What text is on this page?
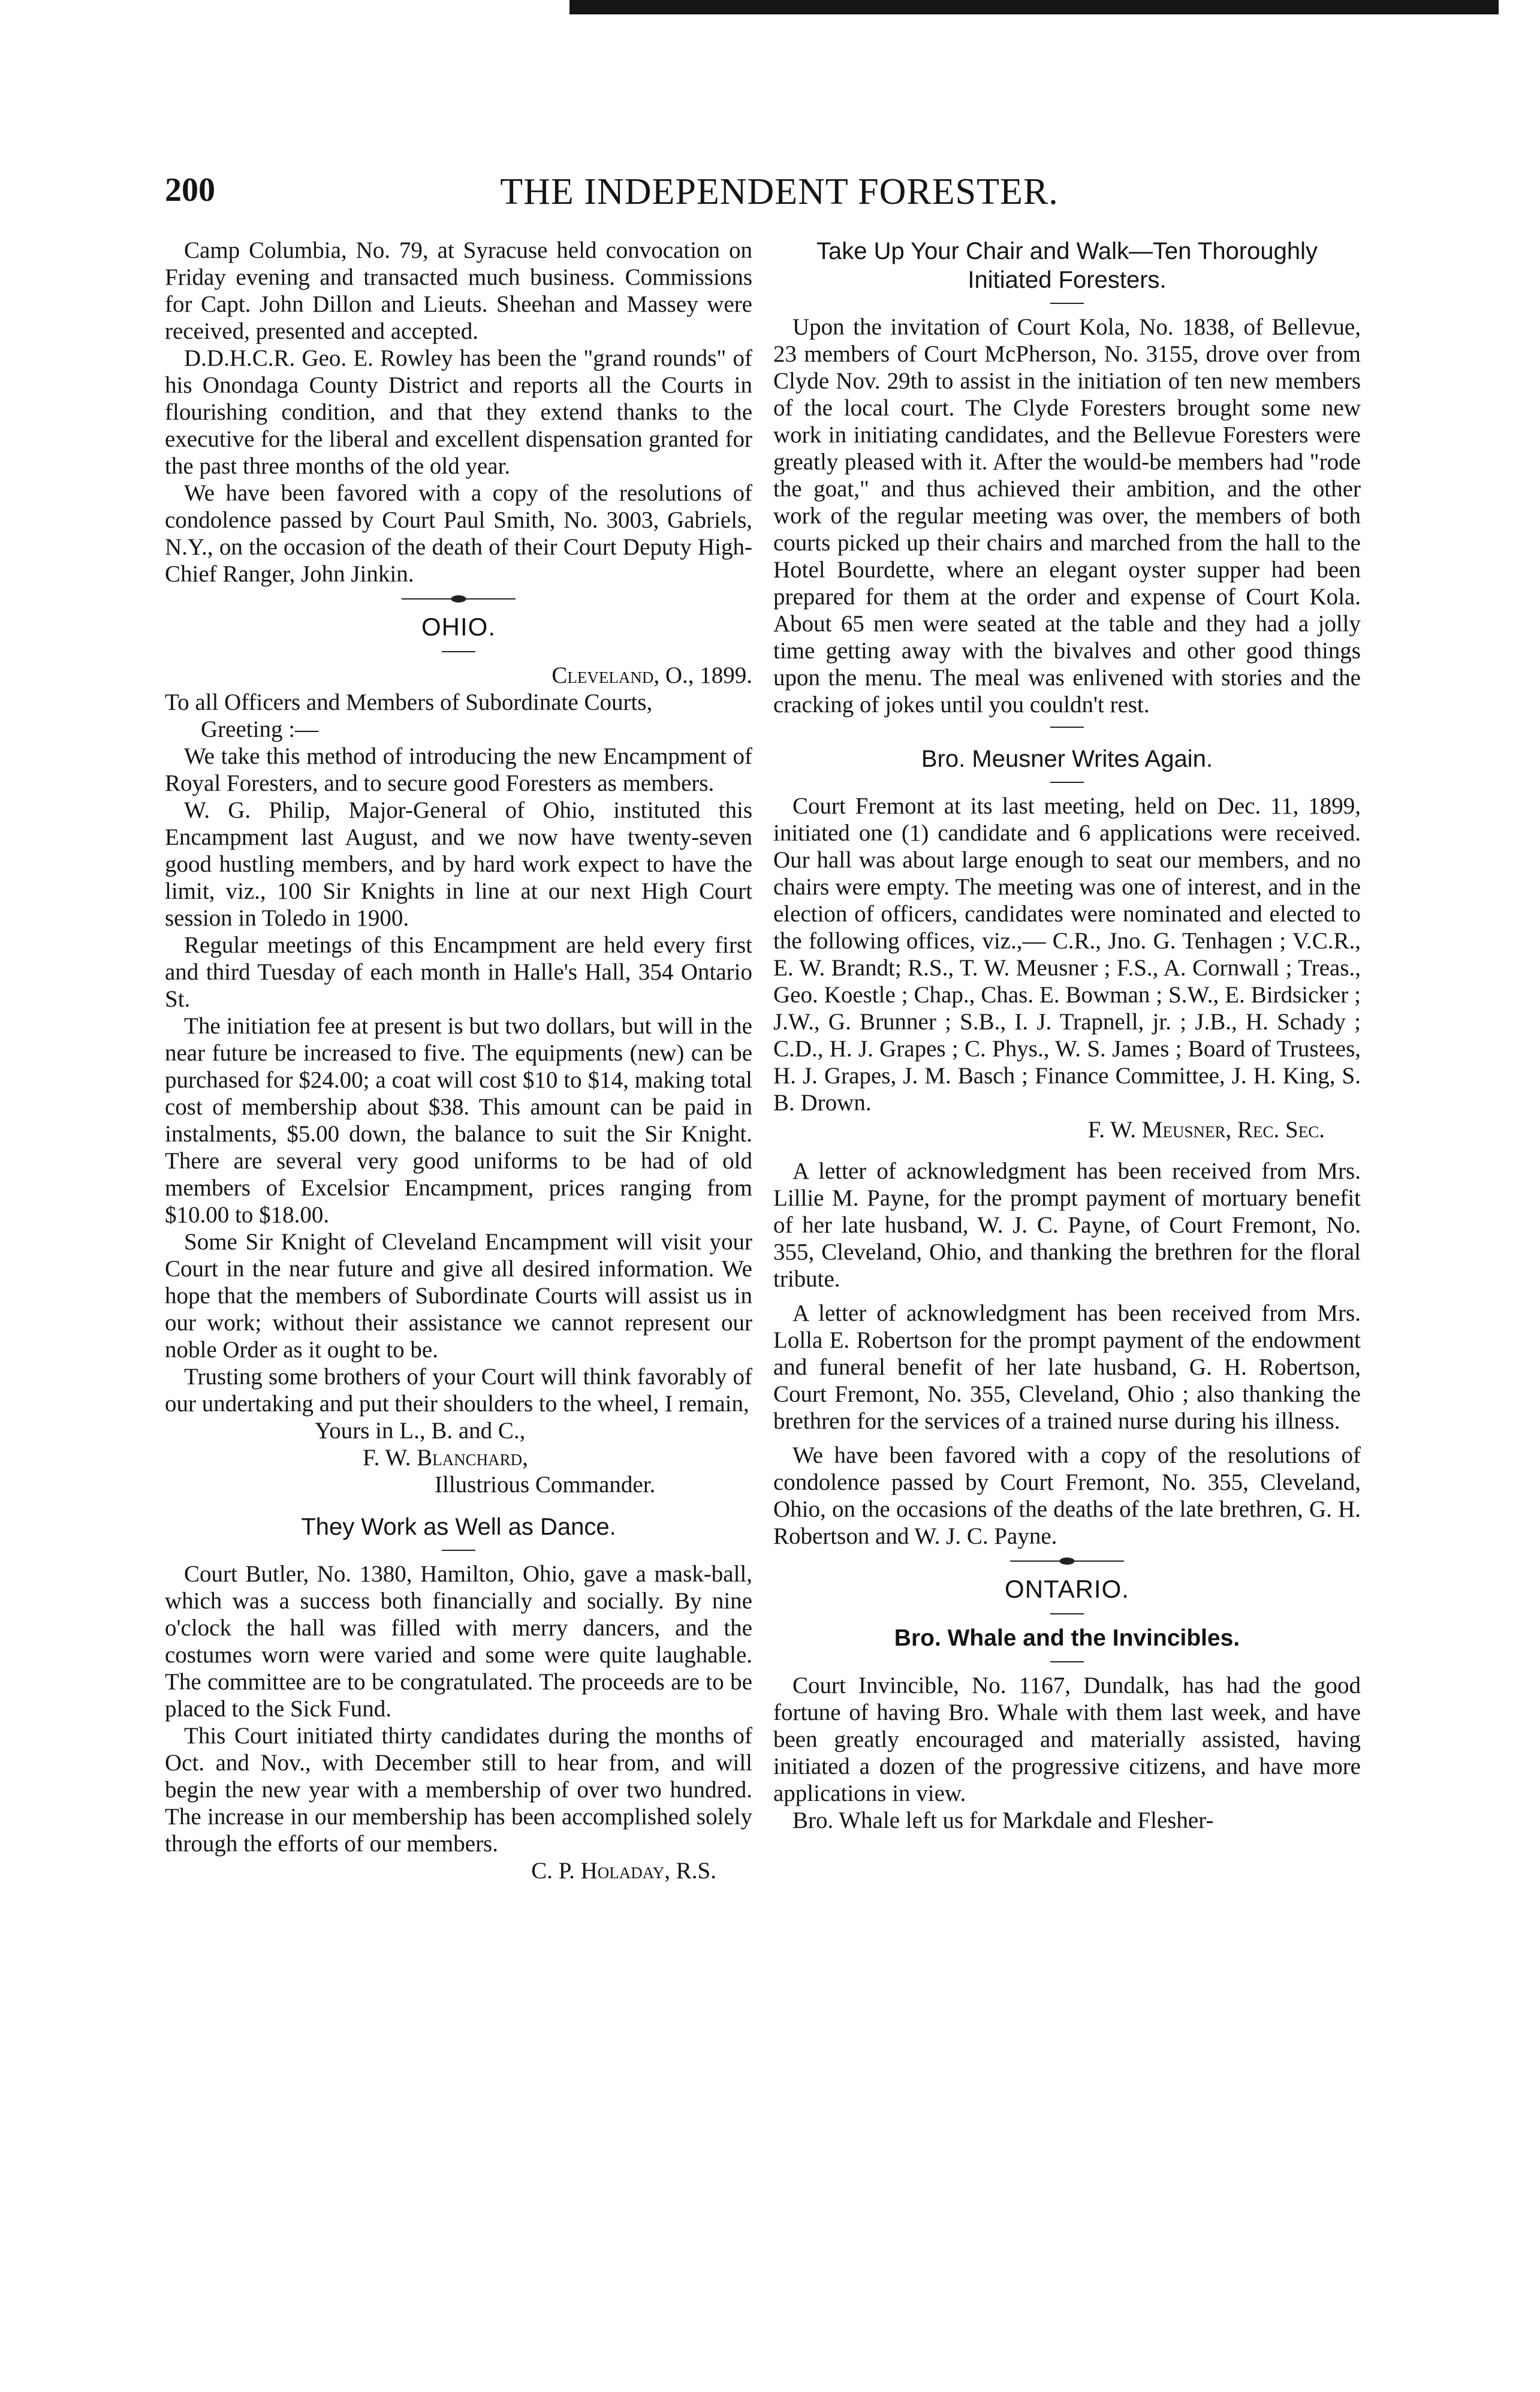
THE INDEPENDENT FORESTER.
200

Camp Columbia, No. 79, at Syracuse held convocation on Friday evening and transacted much business. Commissions for Capt. John Dillon and Lieuts. Sheehan and Massey were received, presented and accepted.

D.D.H.C.R. Geo. E. Rowley has been the "grand rounds" of his Onondaga County District and reports all the Courts in flourishing condition, and that they extend thanks to the executive for the liberal and excellent dispensation granted for the past three months of the old year.

We have been favored with a copy of the resolutions of condolence passed by Court Paul Smith, No. 3003, Gabriels, N.Y., on the occasion of the death of their Court Deputy High-Chief Ranger, John Jinkin.

OHIO.

Cleveland, O., 1899.

To all Officers and Members of Subordinate Courts,

Greeting :—

We take this method of introducing the new Encampment of Royal Foresters, and to secure good Foresters as members.

W. G. Philip, Major-General of Ohio, instituted this Encampment last August, and we now have twenty-seven good hustling members, and by hard work expect to have the limit, viz., 100 Sir Knights in line at our next High Court session in Toledo in 1900.

Regular meetings of this Encampment are held every first and third Tuesday of each month in Halle's Hall, 354 Ontario St.

The initiation fee at present is but two dollars, but will in the near future be increased to five. The equipments (new) can be purchased for $24.00; a coat will cost $10 to $14, making total cost of membership about $38. This amount can be paid in instalments, $5.00 down, the balance to suit the Sir Knight. There are several very good uniforms to be had of old members of Excelsior Encampment, prices ranging from $10.00 to $18.00.

Some Sir Knight of Cleveland Encampment will visit your Court in the near future and give all desired information. We hope that the members of Subordinate Courts will assist us in our work; without their assistance we cannot represent our noble Order as it ought to be.

Trusting some brothers of your Court will think favorably of our undertaking and put their shoulders to the wheel, I remain,

Yours in L., B. and C.,

F. W. Blanchard,

Illustrious Commander.

They Work as Well as Dance.

Court Butler, No. 1380, Hamilton, Ohio, gave a mask-ball, which was a success both financially and socially. By nine o'clock the hall was filled with merry dancers, and the costumes worn were varied and some were quite laughable. The committee are to be congratulated. The proceeds are to be placed to the Sick Fund.

This Court initiated thirty candidates during the months of Oct. and Nov., with December still to hear from, and will begin the new year with a membership of over two hundred. The increase in our membership has been accomplished solely through the efforts of our members.

C. P. Holaday, R.S.

Take Up Your Chair and Walk—Ten Thoroughly Initiated Foresters.

Upon the invitation of Court Kola, No. 1838, of Bellevue, 23 members of Court McPherson, No. 3155, drove over from Clyde Nov. 29th to assist in the initiation of ten new members of the local court. The Clyde Foresters brought some new work in initiating candidates, and the Bellevue Foresters were greatly pleased with it. After the would-be members had "rode the goat," and thus achieved their ambition, and the other work of the regular meeting was over, the members of both courts picked up their chairs and marched from the hall to the Hotel Bourdette, where an elegant oyster supper had been prepared for them at the order and expense of Court Kola. About 65 men were seated at the table and they had a jolly time getting away with the bivalves and other good things upon the menu. The meal was enlivened with stories and the cracking of jokes until you couldn't rest.

Bro. Meusner Writes Again.

Court Fremont at its last meeting, held on Dec. 11, 1899, initiated one (1) candidate and 6 applications were received. Our hall was about large enough to seat our members, and no chairs were empty. The meeting was one of interest, and in the election of officers, candidates were nominated and elected to the following offices, viz.,— C.R., Jno. G. Tenhagen ; V.C.R., E. W. Brandt; R.S., T. W. Meusner ; F.S., A. Cornwall ; Treas., Geo. Koestle ; Chap., Chas. E. Bowman ; S.W., E. Birdsicker ; J.W., G. Brunner ; S.B., I. J. Trapnell, jr. ; J.B., H. Schady ; C.D., H. J. Grapes ; C. Phys., W. S. James ; Board of Trustees, H. J. Grapes, J. M. Basch ; Finance Committee, J. H. King, S. B. Drown.

F. W. Meusner, Rec. Sec.

A letter of acknowledgment has been received from Mrs. Lillie M. Payne, for the prompt payment of mortuary benefit of her late husband, W. J. C. Payne, of Court Fremont, No. 355, Cleveland, Ohio, and thanking the brethren for the floral tribute.

A letter of acknowledgment has been received from Mrs. Lolla E. Robertson for the prompt payment of the endowment and funeral benefit of her late husband, G. H. Robertson, Court Fremont, No. 355, Cleveland, Ohio ; also thanking the brethren for the services of a trained nurse during his illness.

We have been favored with a copy of the resolutions of condolence passed by Court Fremont, No. 355, Cleveland, Ohio, on the occasions of the deaths of the late brethren, G. H. Robertson and W. J. C. Payne.

ONTARIO.

Bro. Whale and the Invincibles.

Court Invincible, No. 1167, Dundalk, has had the good fortune of having Bro. Whale with them last week, and have been greatly encouraged and materially assisted, having initiated a dozen of the progressive citizens, and have more applications in view.

Bro. Whale left us for Markdale and Flesher-
